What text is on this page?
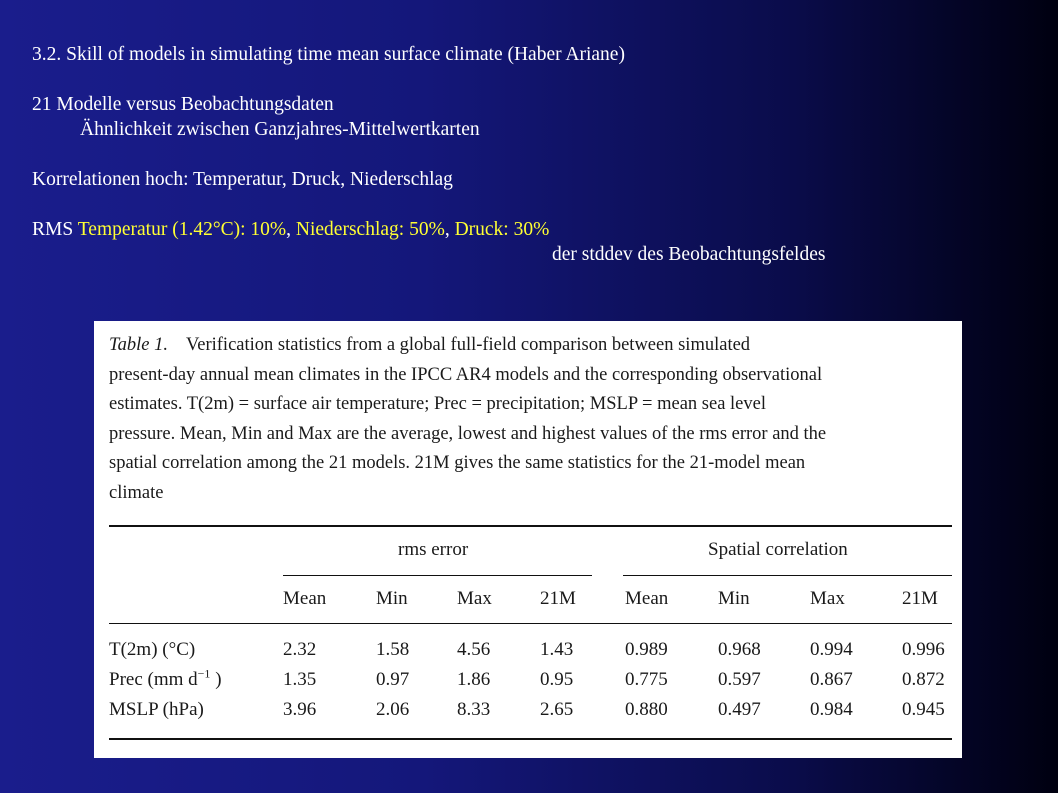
3.2. Skill of models in simulating time mean surface climate (Haber Ariane)
21 Modelle versus Beobachtungsdaten
Ähnlichkeit zwischen Ganzjahres-Mittelwertkarten
Korrelationen hoch: Temperatur, Druck, Niederschlag
RMS Temperatur (1.42°C): 10%, Niederschlag: 50%, Druck: 30%
der stddev des Beobachtungsfeldes
Table 1. Verification statistics from a global full-field comparison between simulated
present-day annual mean climates in the IPCC AR4 models and the corresponding observational
estimates. T(2m) = surface air temperature; Prec = precipitation; MSLP = mean sea level
pressure. Mean, Min and Max are the average, lowest and highest values of the rms error and the
spatial correlation among the 21 models. 21M gives the same statistics for the 21-model mean
climate
rms error	Spatial correlation
Mean	Min	Max	21M	Mean	Min	Max	21M
T(2m) (°C)	2.32	1.58	4.56	1.43	0.989	0.968	0.994	0.996
Prec (mm $d^{-1}$ )	1.35	0.97	1.86	0.95	0.775	0.597	0.867	0.872
MSLP (hPa)	3.96	2.06	8.33	2.65	0.880	0.497	0.984	0.945
